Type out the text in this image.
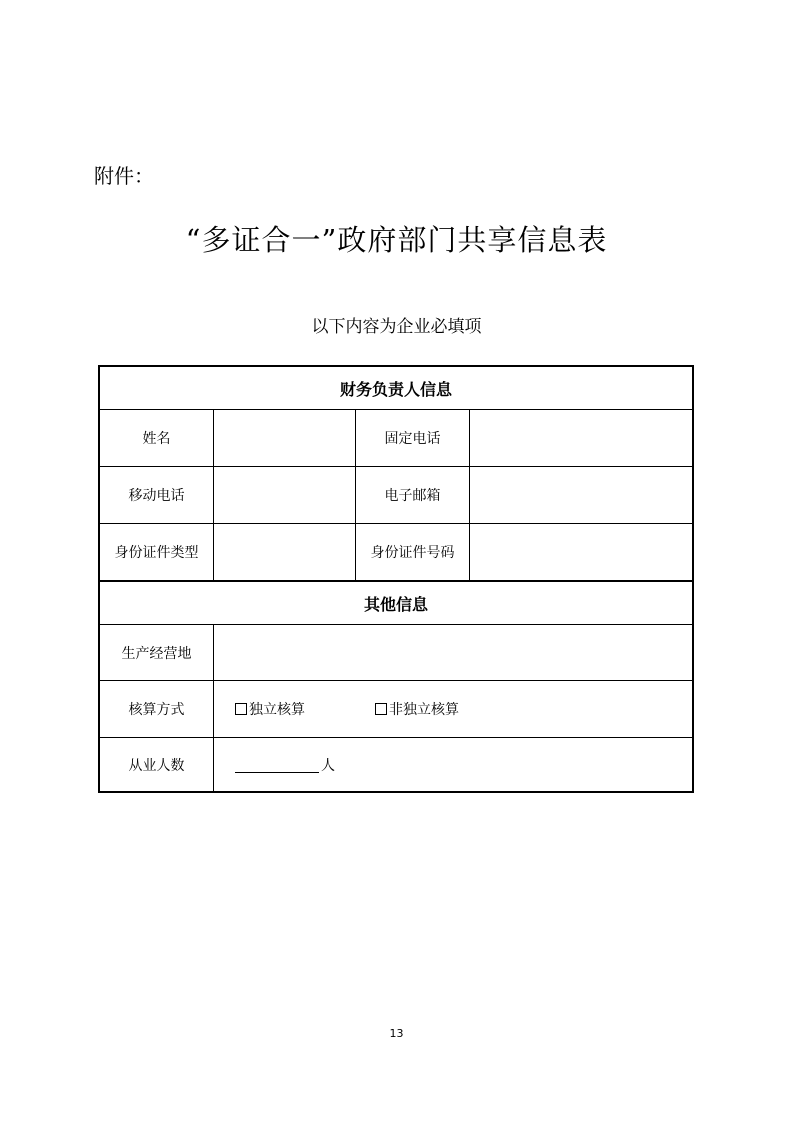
附件：
“多证合一”政府部门共享信息表
以下内容为企业必填项
财务负责人信息
姓名	固定电话
移动电话	电子邮箱
身份证件类型	身份证件号码
其他信息
生产经营地
核算方式	独立核算	非独立核算
从业人数	人
13
